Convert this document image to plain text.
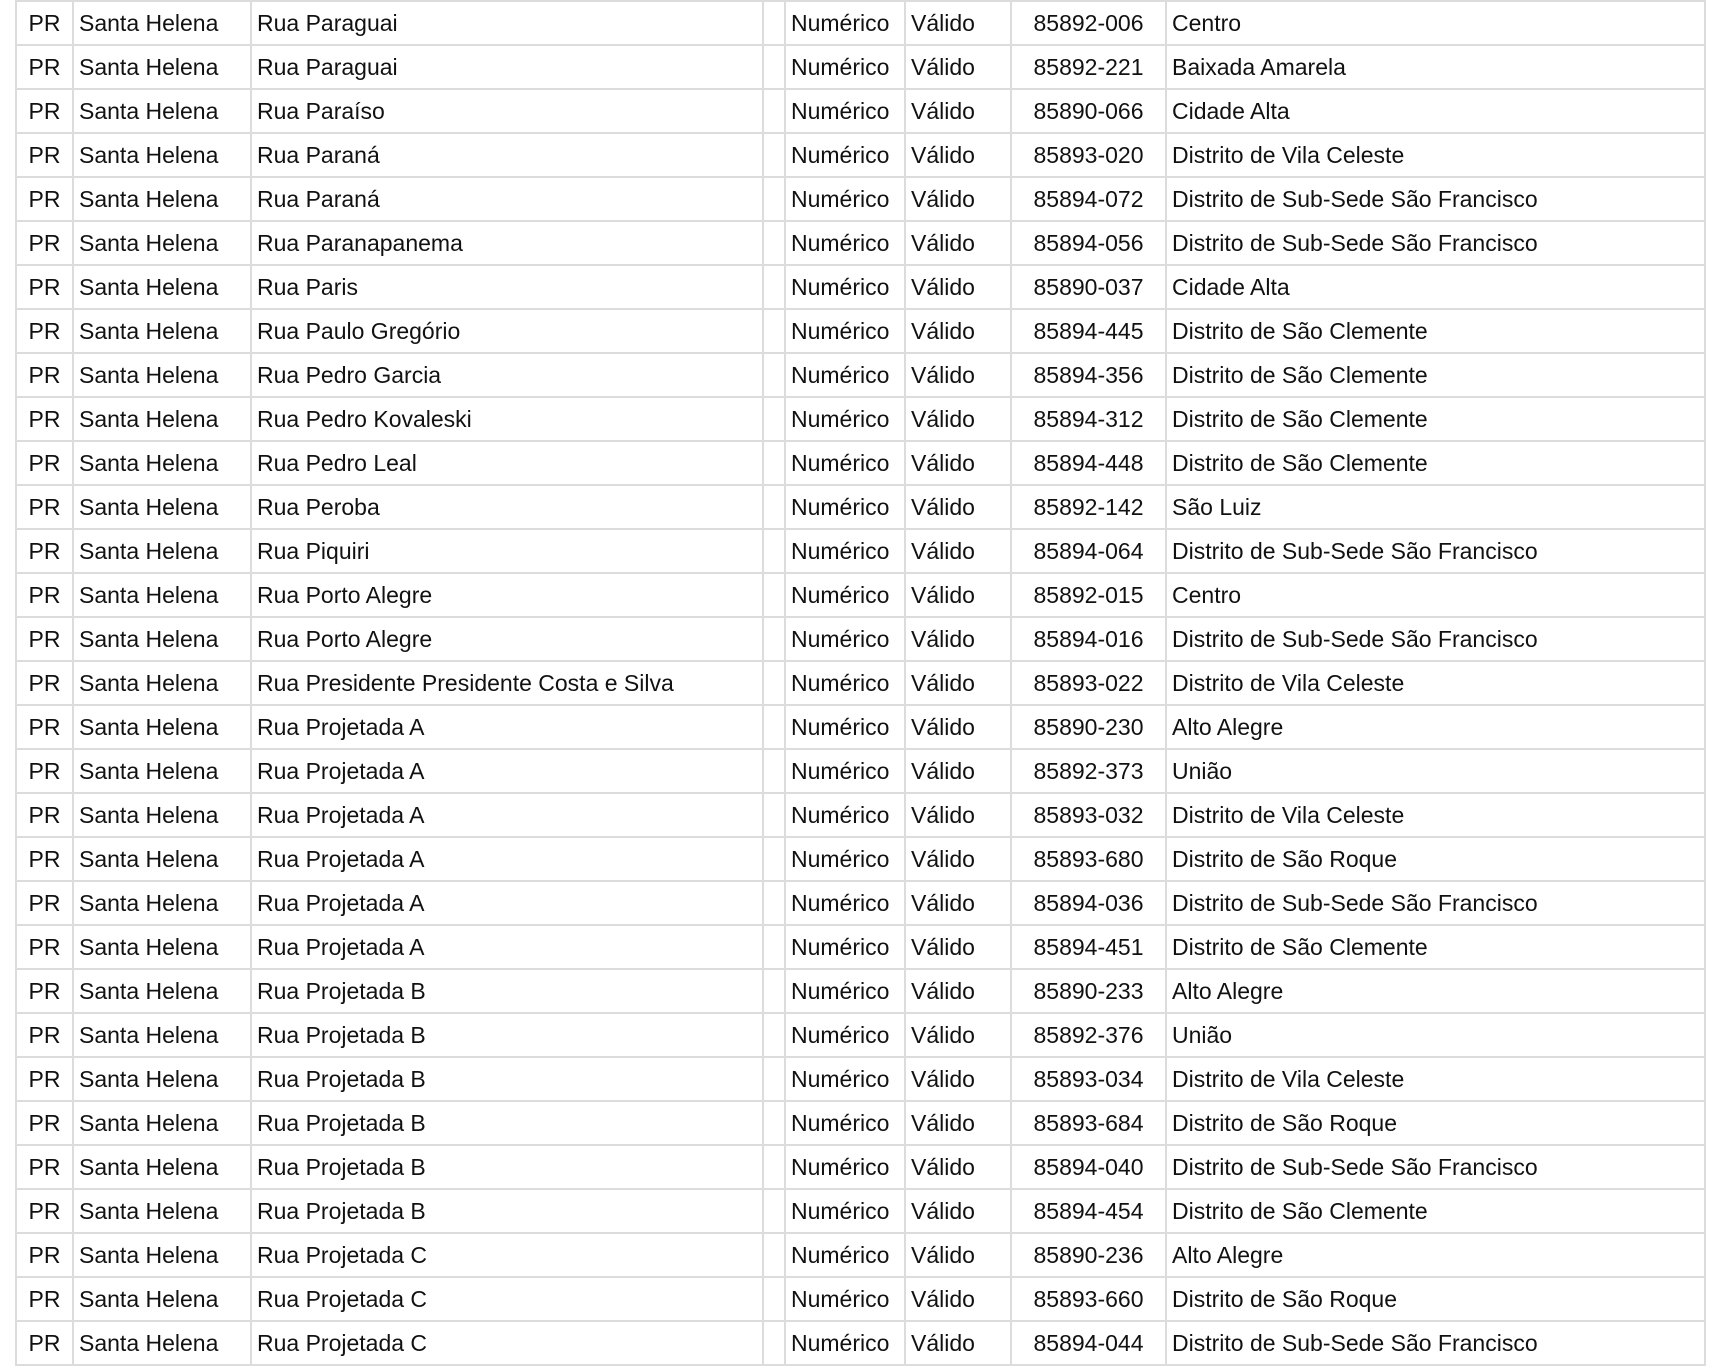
PR	Santa Helena	Rua Paraguai		Numérico	Válido	85892-006	Centro
PR	Santa Helena	Rua Paraguai		Numérico	Válido	85892-221	Baixada Amarela
PR	Santa Helena	Rua Paraíso		Numérico	Válido	85890-066	Cidade Alta
PR	Santa Helena	Rua Paraná		Numérico	Válido	85893-020	Distrito de Vila Celeste
PR	Santa Helena	Rua Paraná		Numérico	Válido	85894-072	Distrito de Sub-Sede São Francisco
PR	Santa Helena	Rua Paranapanema		Numérico	Válido	85894-056	Distrito de Sub-Sede São Francisco
PR	Santa Helena	Rua Paris		Numérico	Válido	85890-037	Cidade Alta
PR	Santa Helena	Rua Paulo Gregório		Numérico	Válido	85894-445	Distrito de São Clemente
PR	Santa Helena	Rua Pedro Garcia		Numérico	Válido	85894-356	Distrito de São Clemente
PR	Santa Helena	Rua Pedro Kovaleski		Numérico	Válido	85894-312	Distrito de São Clemente
PR	Santa Helena	Rua Pedro Leal		Numérico	Válido	85894-448	Distrito de São Clemente
PR	Santa Helena	Rua Peroba		Numérico	Válido	85892-142	São Luiz
PR	Santa Helena	Rua Piquiri		Numérico	Válido	85894-064	Distrito de Sub-Sede São Francisco
PR	Santa Helena	Rua Porto Alegre		Numérico	Válido	85892-015	Centro
PR	Santa Helena	Rua Porto Alegre		Numérico	Válido	85894-016	Distrito de Sub-Sede São Francisco
PR	Santa Helena	Rua Presidente Presidente Costa e Silva		Numérico	Válido	85893-022	Distrito de Vila Celeste
PR	Santa Helena	Rua Projetada A		Numérico	Válido	85890-230	Alto Alegre
PR	Santa Helena	Rua Projetada A		Numérico	Válido	85892-373	União
PR	Santa Helena	Rua Projetada A		Numérico	Válido	85893-032	Distrito de Vila Celeste
PR	Santa Helena	Rua Projetada A		Numérico	Válido	85893-680	Distrito de São Roque
PR	Santa Helena	Rua Projetada A		Numérico	Válido	85894-036	Distrito de Sub-Sede São Francisco
PR	Santa Helena	Rua Projetada A		Numérico	Válido	85894-451	Distrito de São Clemente
PR	Santa Helena	Rua Projetada B		Numérico	Válido	85890-233	Alto Alegre
PR	Santa Helena	Rua Projetada B		Numérico	Válido	85892-376	União
PR	Santa Helena	Rua Projetada B		Numérico	Válido	85893-034	Distrito de Vila Celeste
PR	Santa Helena	Rua Projetada B		Numérico	Válido	85893-684	Distrito de São Roque
PR	Santa Helena	Rua Projetada B		Numérico	Válido	85894-040	Distrito de Sub-Sede São Francisco
PR	Santa Helena	Rua Projetada B		Numérico	Válido	85894-454	Distrito de São Clemente
PR	Santa Helena	Rua Projetada C		Numérico	Válido	85890-236	Alto Alegre
PR	Santa Helena	Rua Projetada C		Numérico	Válido	85893-660	Distrito de São Roque
PR	Santa Helena	Rua Projetada C		Numérico	Válido	85894-044	Distrito de Sub-Sede São Francisco
